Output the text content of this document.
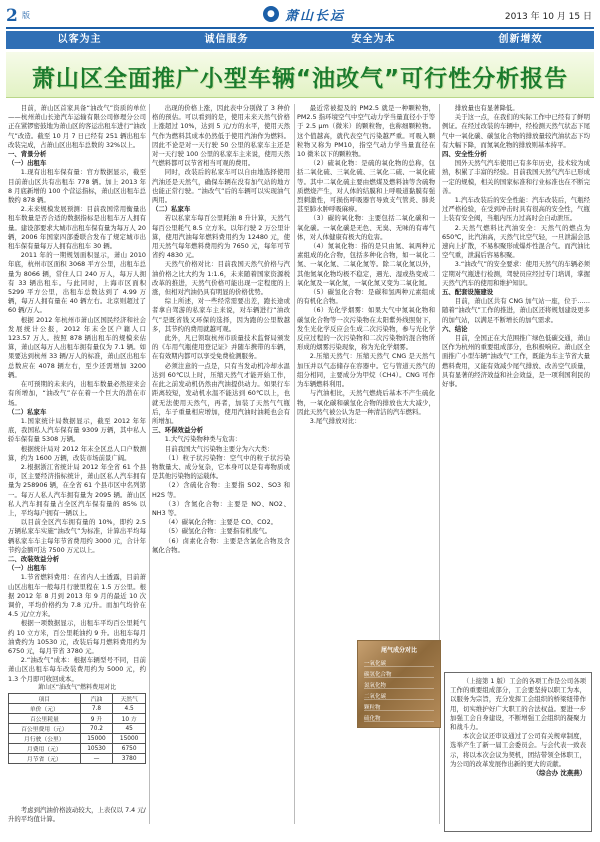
2 版	● 萧山长运	2013 年 10 月 15 日
以客为主	诚信服务	安全为本	创新增效
萧山区全面推广小型车辆“油改气”可行性分析报告

目前，萧山区首家具备“油改气”资质的单位——杭州萧山长途汽车运输有限公司修理分公司正在紧锣密鼓地为萧山区的客运出租车进行“油改气”改造。截至 10 月 7 日已经有 251 辆出租车改装完成，占萧山区出租车总数的 32%以上。

一、背景分析

（一）出租车

1.现有出租车保有量：官方数据显示，截至目前萧山区共有出租车 778 辆。加上 2013 年 8 月底新增的 100 个营运指标，萧山区出租车总数约 878 辆。

2.未来规模发展预测：目前我国常用衡量出租车数量是否合适的数据指标是出租车万人拥有量。建设部要求大城市出租车保有量为每万人 20 辆，2006 年国家四部委联合发布了规定城市出租车保有量每万人拥有出租车 30 辆。

2011 年的一期规划面积显示，萧山 2010 年底，杭州市区面积 3068 平方公里，出租车总量为 8066 辆，常住人口 240 万人，每万人拥有 33 辆出租车。与此同时，上海市区面积 5299 平方公里，出租车总数达到了 4.99 万辆，每万人拥有量在 40 辆左右。北京则超过了 60 辆/万人。

根据 2012 年杭州市萧山区国民经济和社会发展统计公报，2012 年末全区户籍人口 123.57 万人。按照 878 辆出租车的规模来估算，萧山区每万人出租车拥有量仅为 7.1 辆。如果要达到杭州 33 辆/万人的标准，萧山区出租车总数应在 4078 辆左右，至少还需增加 3200 辆。

在可预期的未来内，出租车数量必然迎来会有所增加，“油改气”存在着一个巨大的潜在市场。

（二）私家车

1.国家统计局数据显示，截至 2012 年年底，我国私人汽车保有量 9309 万辆，其中私人轿车保有量 5308 万辆。

根据统计局对 2012 年末全区总人口户数测算，约为 1600 万辆，改装市场前景广阔。

2.根据浙江省统计局 2012 年全省 61 个县市，区主要经济指标统计，萧山区私人汽车拥有量为 258906 辆，在全省 61 个县市区中名列第一。每万人私人汽车拥有量为 2095 辆。萧山区私人汽车拥有量占全区汽车保有量的 85% 以上，平均每户拥有一辆以上。

以目前全区汽车拥有量的 10%，即约 2.5 万辆私家车实施“油改气”为标准，计算出平均每辆私家车车主每年节省费用约 3000 元，合计年节约金额可达 7500 万元以上。

二、改装效益分析

（一）出租车

1.节省燃料费用：在省内人士透露，目前萧山区出租车一般每月行驶里程在 1.5 万公里。根据 2012 年 8 月到 2013 年 9 月的最近 10 次调价，平均价格约为 7.8 元/升。而加气均价在 4.5 元/立方米。

根据一项数据显示，出租车平均百公里耗气约 10 立方米，百公里耗油约 9 升。出租车每月油费约为 10530 元，改装后每月燃料费用约为 6750 元，每月节省 3780 元。

2.“油改气”成本：根据车辆型号不同，目前萧山区出租车每车改装费用约为 5000 元，约 1.3 个月即可收回成本。

出现的价格上涨，因此表中分别做了 3 种价格的预估。可以看到的是，使用未来天然气价格上涨超过 10%，达到 5 元/方的水平，使用天然气作为燃料其成本仍然低于使用汽油作为燃料。因此不论是对一天行驶 50 公里的私家车主还是对一天行驶 100 公里的私家车主来说，使用天然气燃料都可以节省相当可观的费用。

同时，改装后的私家车可以自由地选择使用汽油还是天然气，确保车辆在没有加气站的地方也能正常行驶。“油改气”后的车辆可以实现油气两用。

（二）私家车

若以私家车每百公里耗油 8 升计算，天然气每百公里耗气 8.5 立方米。以年行驶 2 万公里计算，使用汽油每年燃料费用约为 12480 元，使用天然气每年燃料费用约为 7650 元，每年可节省约 4830 元。

天然气价格对比：目前我国天然气价格与汽油价格之比大约为 1:1.6，未来随着国家资源税改革的推进，天然气价格可能出现一定程度的上涨，但相对汽油仍具有明显的价格优势。

综上所述，对一些经常需要出差，跑长途或者拿自驾游的私家车主来说，对车辆进行“油改气”是既省钱又环保的选择，因为跑的公里数越多，其节约的费用就越可观。

此外，凡已领取杭州市质量技术监督局颁发的《车用气瓶使用登记证》并随车携带的车辆，在有效期内都可以享受免费检测服务。

必须注意的一点是，只有当发动机冷却水温达到 60℃以上时，压缩天然气才能开始工作，在此之前发动机仍然由汽油提供动力。如果行车距离较短，发动机水温不能达到 60℃以上，也就无法使用天然气，再者，加装了天然气气瓶后，车子重量相应增加，使用汽油时油耗也会有所增加。

三、环保效益分析

1.大气污染物种类与危害：

目前我国大气污染物主要分为六大类：

（1）粒子状污染物：空气中的粒子状污染物数量大、成分复杂，它本身可以是有毒物质或是其他污染物的运载体。

（2）含硫化合物：主要指 SO2、SO3 和 H2S 等。

（3）含氮化合物：主要是 NO、NO2、NH3 等。

（4）碳氧化合物：主要是 CO、CO2。

（5）碳氢化合物：主要指有机废气。

（6）卤素化合物：主要是含氯化合物及含氟化合物。

最近常被提及的 PM2.5 就是一种颗粒物，PM2.5 指环境空气中空气动力学当量直径小于等于 2.5 μm（微米）的颗粒物，也称细颗粒物。这个值越高，就代表空气污染越严重。可吸入颗粒物又称为 PM10，指空气动力学当量直径在 10 微米以下的颗粒物。

（2）硫氧化物：是硫的氧化物的总称，包括二氧化硫、三氧化硫、三氧化二硫、一氧化硫等。其中二氧化硫主要由燃煤及燃料油等含硫物质燃烧产生，对人体的结膜和上呼吸道黏膜有强烈刺激性，可损伤呼吸器官导致支气管炎、肺炎甚至肺水肿呼吸麻痹。

（3）碳的氧化物：主要包括二氧化碳和一氧化碳。一氧化碳是无色、无臭、无味的有毒气体，对人体健康有极大的危害。

（4）氮氧化物：指的是只由氮、氧两种元素组成的化合物，包括多种化合物，如一氧化二氮、一氧化氮、二氧化氮等。除二氧化氮以外，其他氮氧化物均极不稳定，遇光、湿或热变成二氧化氮及一氧化氮，一氧化氮又变为二氧化氮。

（5）碳氢化合物：是碳和氢两种元素组成的有机化合物。

（6）光化学烟雾：如果大气中氮氧化物和碳氢化合物等一次污染物在太阳紫外线照射下，发生光化学反应会生成二次污染物，参与光化学反应过程的一次污染物和二次污染物的混合物所形成的烟雾污染现象，称为光化学烟雾。

2.压缩天然气：压缩天然气 CNG 是天然气加压并以气态储存在容器中。它与管道天然气的组分相同，主要成分为甲烷（CH4）。CNG 可作为车辆燃料利用。

与汽油相比，天然气燃烧后基本不产生硫化物，一氧化碳和碳氢化合物的排放也大大减少，因此天然气被公认为是一种清洁的汽车燃料。

3.尾气排放对比：

排放量也有显著降低。

关于这一点，在我们的实际工作中已经有了鲜明例证。在经过改装的车辆中，经检测天然气状态下尾气中一氧化碳、碳氢化合物的排放量较汽油状态下均有大幅下降，而氮氧化物的排放则基本持平。

四、安全性分析

国外天然气汽车使用已有多年历史，技术较为成熟，积累了丰富的经验。目前我国天然气汽车已形成一定的规模，相关的国家标准和行业标准也在不断完善。

1.汽车改装后的安全性能：汽车改装后，气瓶经过严格检验，在受到冲击时具有很高的安全性，气瓶上装有安全阀，当瓶内压力过高时会自动泄压。

2.天然气燃料比汽油安全：天然气的燃点为 650℃，比汽油高，天然气比空气轻，一旦泄漏会迅速向上扩散，不易积聚形成爆炸性混合气。而汽油比空气重，泄漏后容易积聚。

3.“油改气”的安全要求：使用天然气的车辆必须定期对气瓶进行检测，驾驶员应经过专门培训，掌握天然气汽车的使用和维护知识。

五、配套设施建设

目前，萧山区共有 CNG 加气站一座，位于……随着“油改气”工作的推进，萧山区还将规划建设更多的加气站，以满足不断增长的加气需求。

六、结论

目前，全国正在大范围推广绿色低碳交通，萧山区作为杭州的重要组成部分，也积极响应。萧山区全面推广小型车辆“油改气”工作，既能为车主节省大量燃料费用，又能有效减少尾气排放、改善空气质量，具有显著的经济效益和社会效益，是一项利国利民的好事。

萧山区“油改气”燃料费用对比
项目	汽油	天然气
单价（元）	7.8	4.5
百公里耗量	9 升	10 方
百公里费用（元）	70.2	45
月行驶（公里）	15000	15000
月费用（元）	10530	6750
月节省（元）	—	3780
考虑到汽油价格波动较大，上表仅以 7.4 元/升的平均值计算。
尾气成分对比
一氧化碳
碳氢化合物
氮氧化物
二氧化碳
颗粒物
硫化物

（上接第 1 版）工会的各项工作是公司各项工作的重要组成部分，工会要坚持以职工为本，以服务为宗旨，充分发挥工会组织的桥梁纽带作用，切实维护好广大职工的合法权益。要进一步加强工会自身建设，不断增强工会组织的凝聚力和战斗力。

本次会议还审议通过了公司有关规章制度，选举产生了新一届工会委员会。与会代表一致表示，将以本次会议为契机，团结带领全体职工，为公司的改革发展作出新的更大的贡献。

（综合办 沈燕燕）
